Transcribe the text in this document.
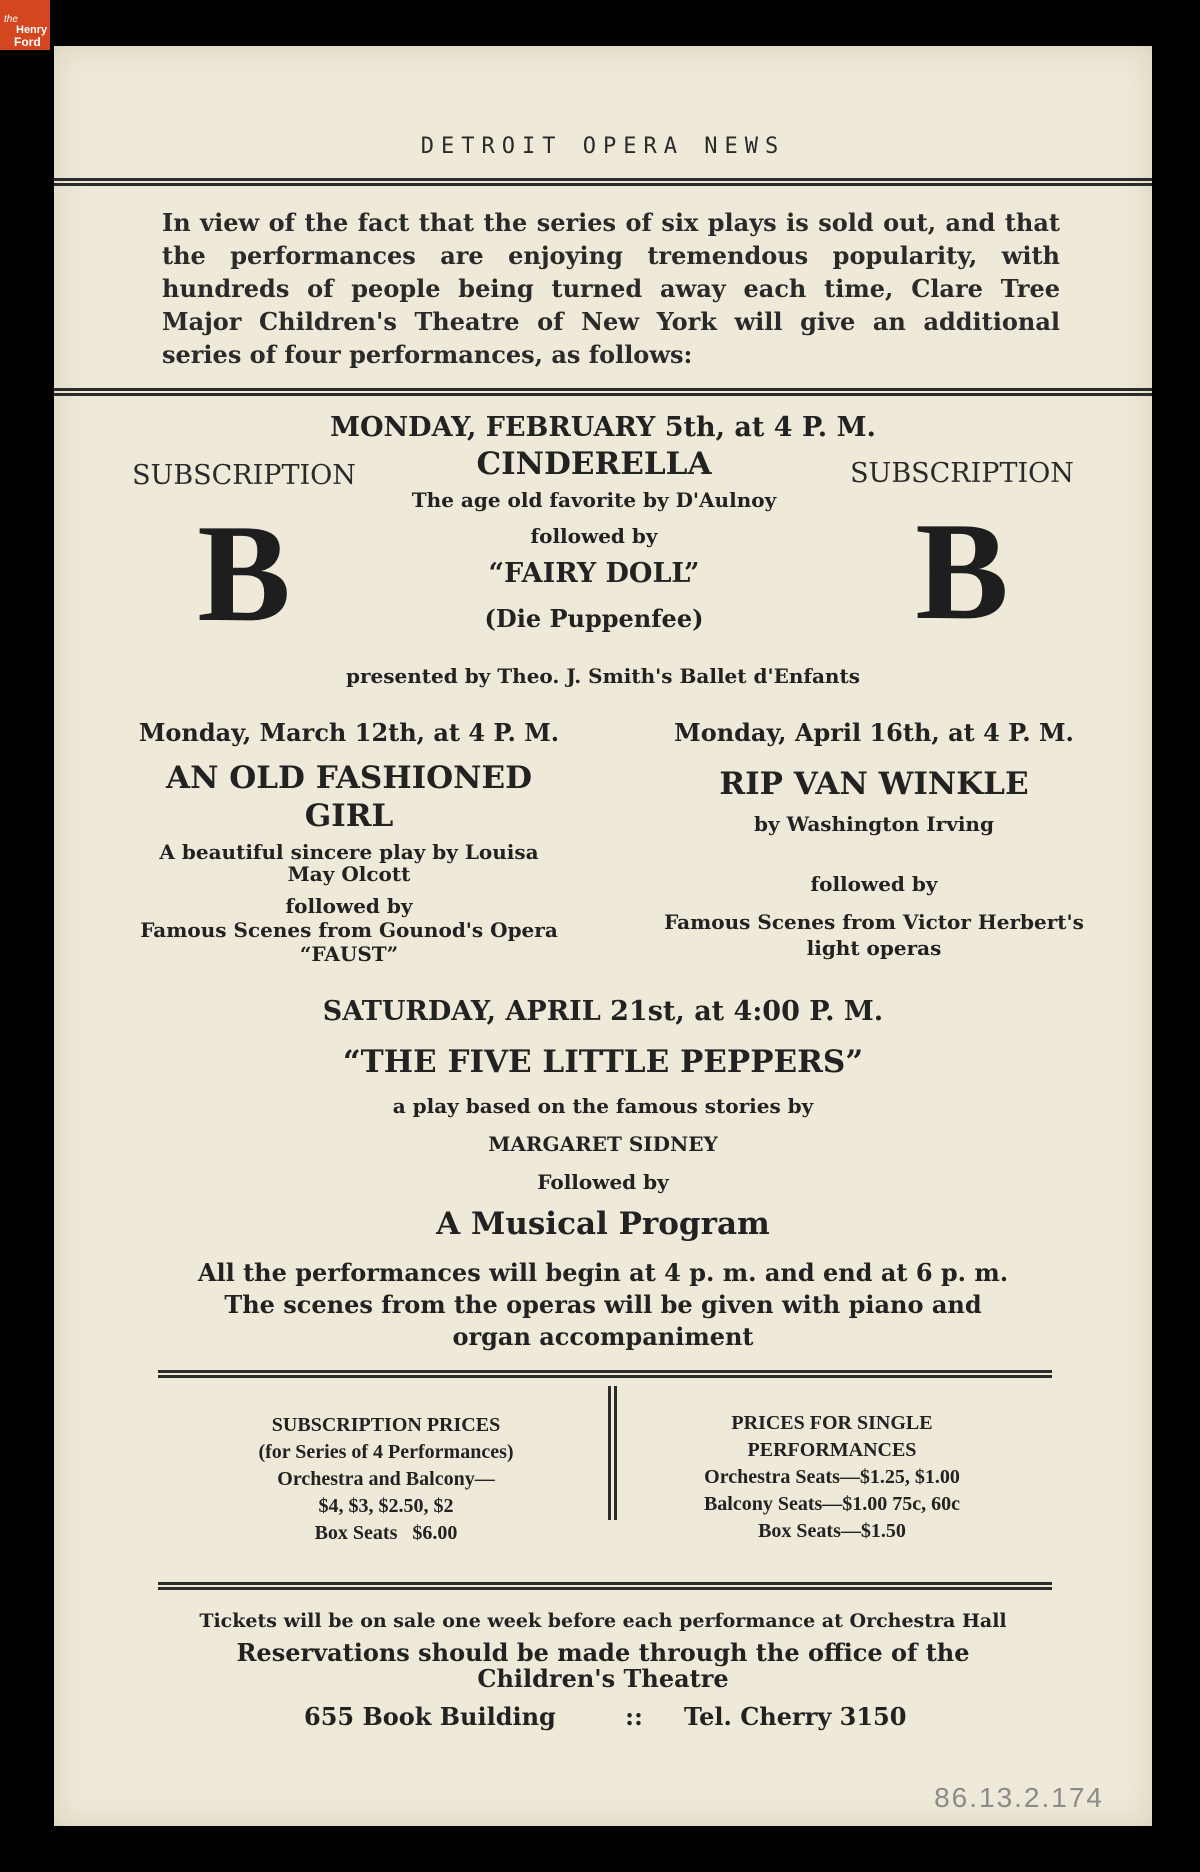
the
Henry
Ford
DETROIT OPERA NEWS
In view of the fact that the series of six plays is sold out, and that the performances are enjoying tremendous popularity, with hundreds of people being turned away each time, Clare Tree Major Children's Theatre of New York will give an additional series of four performances, as follows:
MONDAY, FEBRUARY 5th, at 4 P. M.
SUBSCRIPTION
B
SUBSCRIPTION
B
CINDERELLA
The age old favorite by D'Aulnoy
followed by
“FAIRY DOLL”
(Die Puppenfee)
presented by Theo. J. Smith's Ballet d'Enfants
Monday, March 12th, at 4 P. M.
AN OLD FASHIONED
GIRL
A beautiful sincere play by Louisa
May Olcott
followed by
Famous Scenes from Gounod's Opera
“FAUST”
Monday, April 16th, at 4 P. M.
RIP VAN WINKLE
by Washington Irving
followed by
Famous Scenes from Victor Herbert's
light operas
SATURDAY, APRIL 21st, at 4:00 P. M.
“THE FIVE LITTLE PEPPERS”
a play based on the famous stories by
MARGARET SIDNEY
Followed by
A Musical Program
All the performances will begin at 4 p. m. and end at 6 p. m.
The scenes from the operas will be given with piano and
organ accompaniment
SUBSCRIPTION PRICES
(for Series of 4 Performances)
Orchestra and Balcony—
$4, $3, $2.50, $2
Box Seats   $6.00
PRICES FOR SINGLE
PERFORMANCES
Orchestra Seats—$1.25, $1.00
Balcony Seats—$1.00 75c, 60c
Box Seats—$1.50
Tickets will be on sale one week before each performance at Orchestra Hall
Reservations should be made through the office of the
Children's Theatre
655 Book Building	::	Tel. Cherry 3150
86.13.2.174
